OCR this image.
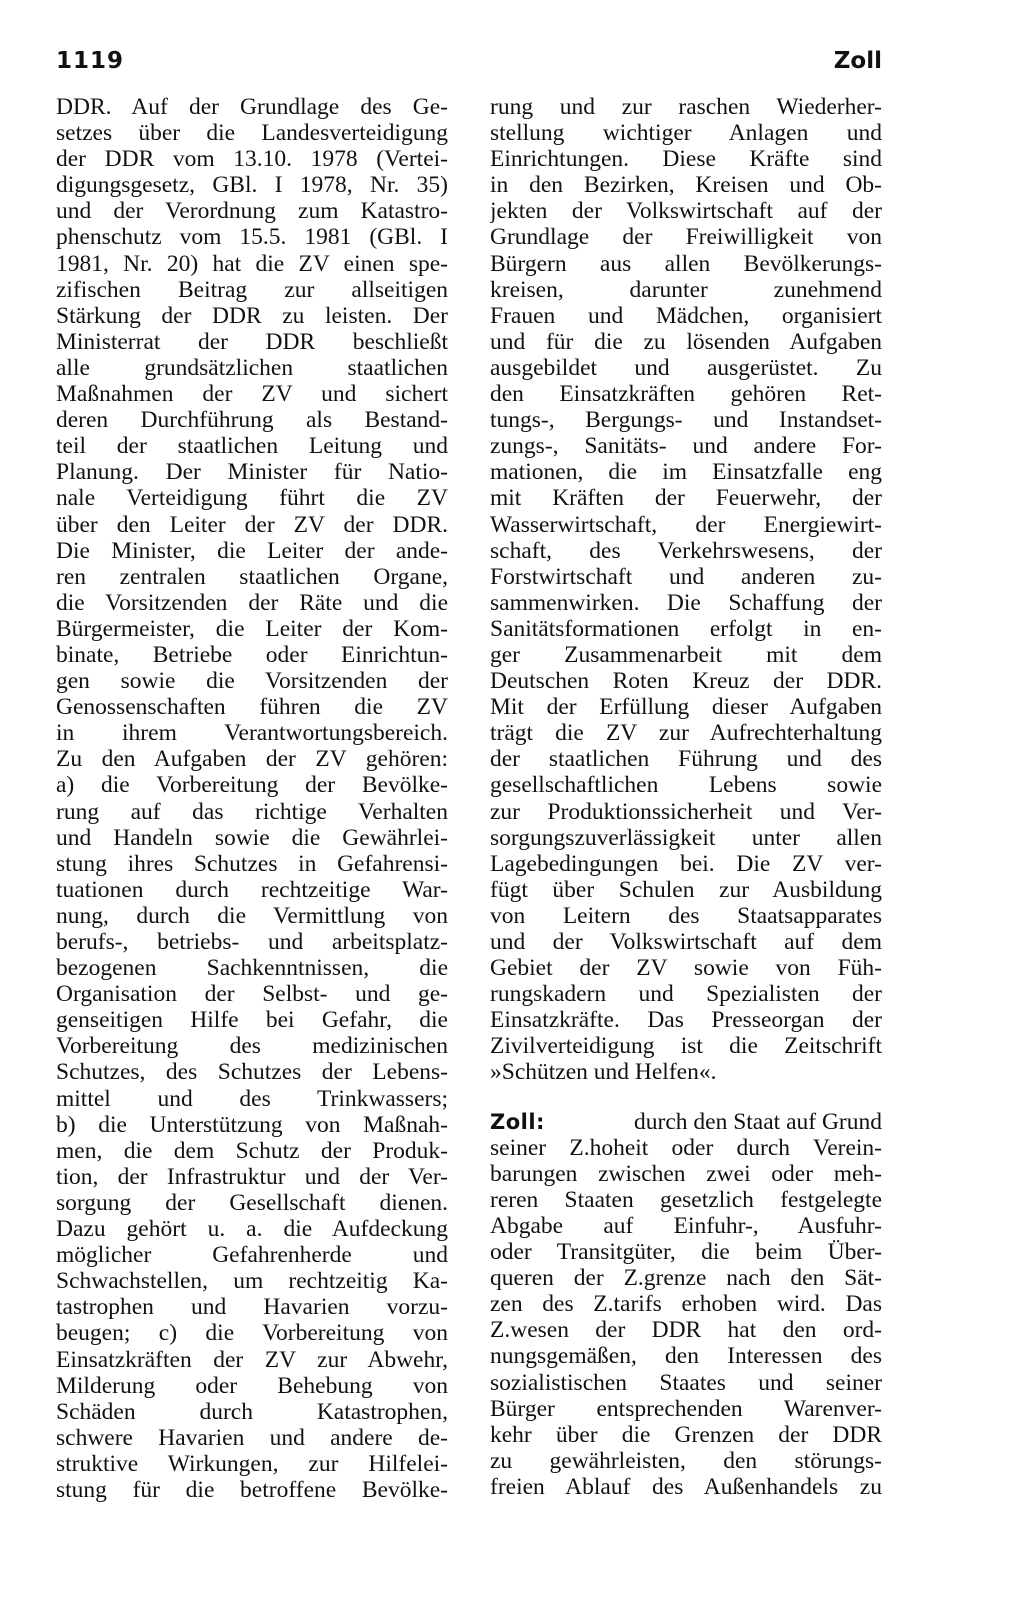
1119	Zoll
DDR. Auf der Grundlage des Ge-
setzes über die Landesverteidigung
der DDR vom 13.10. 1978 (Vertei-
digungsgesetz, GBl. I 1978, Nr. 35)
und der Verordnung zum Katastro-
phenschutz vom 15.5. 1981 (GBl. I
1981, Nr. 20) hat die ZV einen spe-
zifischen Beitrag zur allseitigen
Stärkung der DDR zu leisten. Der
Ministerrat der DDR beschließt
alle grundsätzlichen staatlichen
Maßnahmen der ZV und sichert
deren Durchführung als Bestand-
teil der staatlichen Leitung und
Planung. Der Minister für Natio-
nale Verteidigung führt die ZV
über den Leiter der ZV der DDR.
Die Minister, die Leiter der ande-
ren zentralen staatlichen Organe,
die Vorsitzenden der Räte und die
Bürgermeister, die Leiter der Kom-
binate, Betriebe oder Einrichtun-
gen sowie die Vorsitzenden der
Genossenschaften führen die ZV
in ihrem Verantwortungsbereich.
Zu den Aufgaben der ZV gehören:
a) die Vorbereitung der Bevölke-
rung auf das richtige Verhalten
und Handeln sowie die Gewährlei-
stung ihres Schutzes in Gefahrensi-
tuationen durch rechtzeitige War-
nung, durch die Vermittlung von
berufs-, betriebs- und arbeitsplatz-
bezogenen Sachkenntnissen, die
Organisation der Selbst- und ge-
genseitigen Hilfe bei Gefahr, die
Vorbereitung des medizinischen
Schutzes, des Schutzes der Lebens-
mittel und des Trinkwassers;
b) die Unterstützung von Maßnah-
men, die dem Schutz der Produk-
tion, der Infrastruktur und der Ver-
sorgung der Gesellschaft dienen.
Dazu gehört u. a. die Aufdeckung
möglicher Gefahrenherde und
Schwachstellen, um rechtzeitig Ka-
tastrophen und Havarien vorzu-
beugen; c) die Vorbereitung von
Einsatzkräften der ZV zur Abwehr,
Milderung oder Behebung von
Schäden durch Katastrophen,
schwere Havarien und andere de-
struktive Wirkungen, zur Hilfelei-
stung für die betroffene Bevölke-
rung und zur raschen Wiederher-
stellung wichtiger Anlagen und
Einrichtungen. Diese Kräfte sind
in den Bezirken, Kreisen und Ob-
jekten der Volkswirtschaft auf der
Grundlage der Freiwilligkeit von
Bürgern aus allen Bevölkerungs-
kreisen, darunter zunehmend
Frauen und Mädchen, organisiert
und für die zu lösenden Aufgaben
ausgebildet und ausgerüstet. Zu
den Einsatzkräften gehören Ret-
tungs-, Bergungs- und Instandset-
zungs-, Sanitäts- und andere For-
mationen, die im Einsatzfalle eng
mit Kräften der Feuerwehr, der
Wasserwirtschaft, der Energiewirt-
schaft, des Verkehrswesens, der
Forstwirtschaft und anderen zu-
sammenwirken. Die Schaffung der
Sanitätsformationen erfolgt in en-
ger Zusammenarbeit mit dem
Deutschen Roten Kreuz der DDR.
Mit der Erfüllung dieser Aufgaben
trägt die ZV zur Aufrechterhaltung
der staatlichen Führung und des
gesellschaftlichen Lebens sowie
zur Produktionssicherheit und Ver-
sorgungszuverlässigkeit unter allen
Lagebedingungen bei. Die ZV ver-
fügt über Schulen zur Ausbildung
von Leitern des Staatsapparates
und der Volkswirtschaft auf dem
Gebiet der ZV sowie von Füh-
rungskadern und Spezialisten der
Einsatzkräfte. Das Presseorgan der
Zivilverteidigung ist die Zeitschrift
»Schützen und Helfen«.
Zoll:	durch den Staat auf Grund
seiner Z.hoheit oder durch Verein-
barungen zwischen zwei oder meh-
reren Staaten gesetzlich festgelegte
Abgabe auf Einfuhr-, Ausfuhr-
oder Transitgüter, die beim Über-
queren der Z.grenze nach den Sät-
zen des Z.tarifs erhoben wird. Das
Z.wesen der DDR hat den ord-
nungsgemäßen, den Interessen des
sozialistischen Staates und seiner
Bürger entsprechenden Warenver-
kehr über die Grenzen der DDR
zu gewährleisten, den störungs-
freien Ablauf des Außenhandels zu
